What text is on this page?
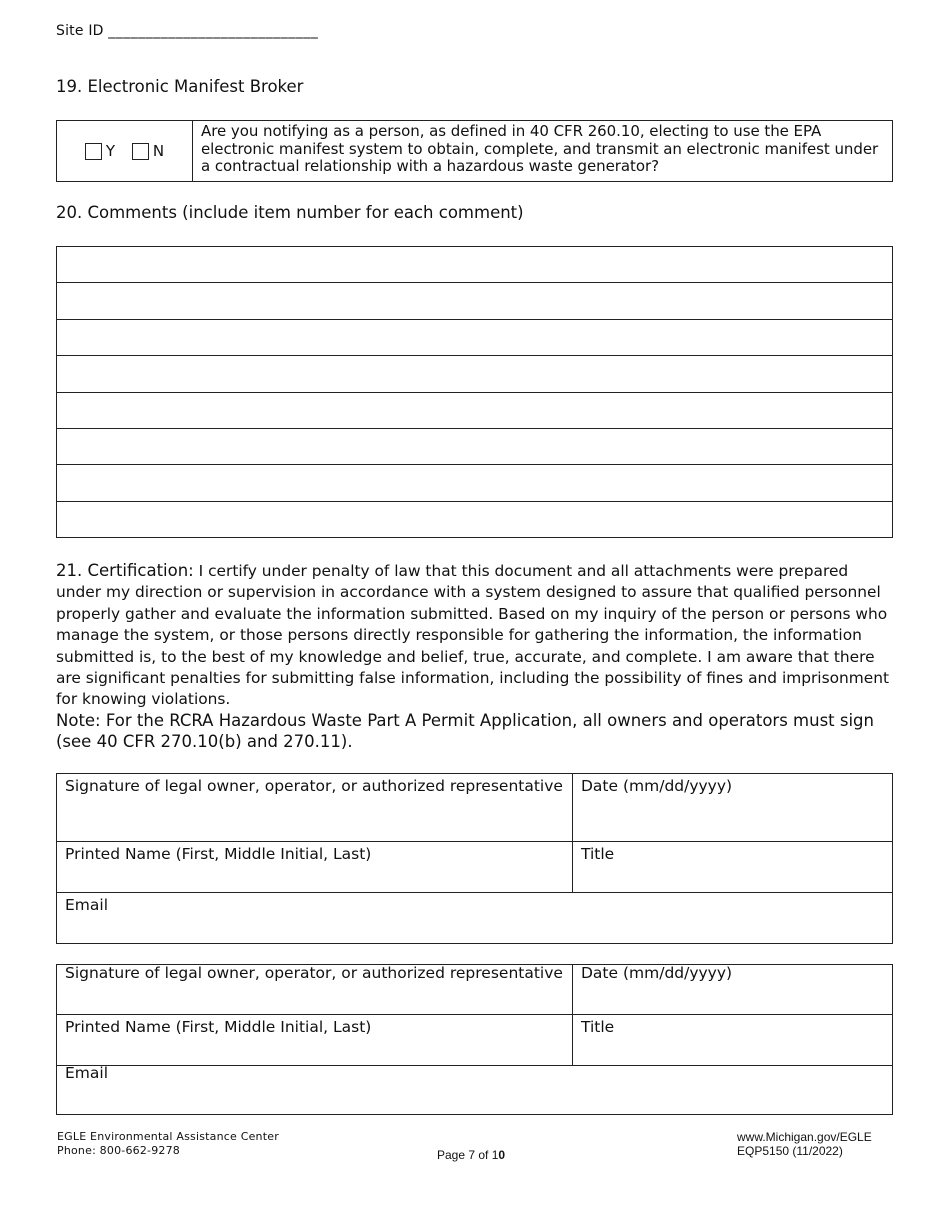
Site ID ____________________________
19. Electronic Manifest Broker
Y	N	Are you notifying as a person, as defined in 40 CFR 260.10, electing to use the EPA electronic manifest system to obtain, complete, and transmit an electronic manifest under a contractual relationship with a hazardous waste generator?
20. Comments (include item number for each comment)

21. Certification: I certify under penalty of law that this document and all attachments were prepared under my direction or supervision in accordance with a system designed to assure that qualified personnel properly gather and evaluate the information submitted. Based on my inquiry of the person or persons who manage the system, or those persons directly responsible for gathering the information, the information submitted is, to the best of my knowledge and belief, true, accurate, and complete. I am aware that there are significant penalties for submitting false information, including the possibility of fines and imprisonment for knowing violations.
Note: For the RCRA Hazardous Waste Part A Permit Application, all owners and operators must sign (see 40 CFR 270.10(b) and 270.11).
Signature of legal owner, operator, or authorized representative	Date (mm/dd/yyyy)
Printed Name (First, Middle Initial, Last)	Title
Email	
Signature of legal owner, operator, or authorized representative	Date (mm/dd/yyyy)
Printed Name (First, Middle Initial, Last)	Title
Email	
EGLE Environmental Assistance Center
Phone: 800-662-9278	Page 7 of 10
www.Michigan.gov/EGLE
EQP5150 (11/2022)
